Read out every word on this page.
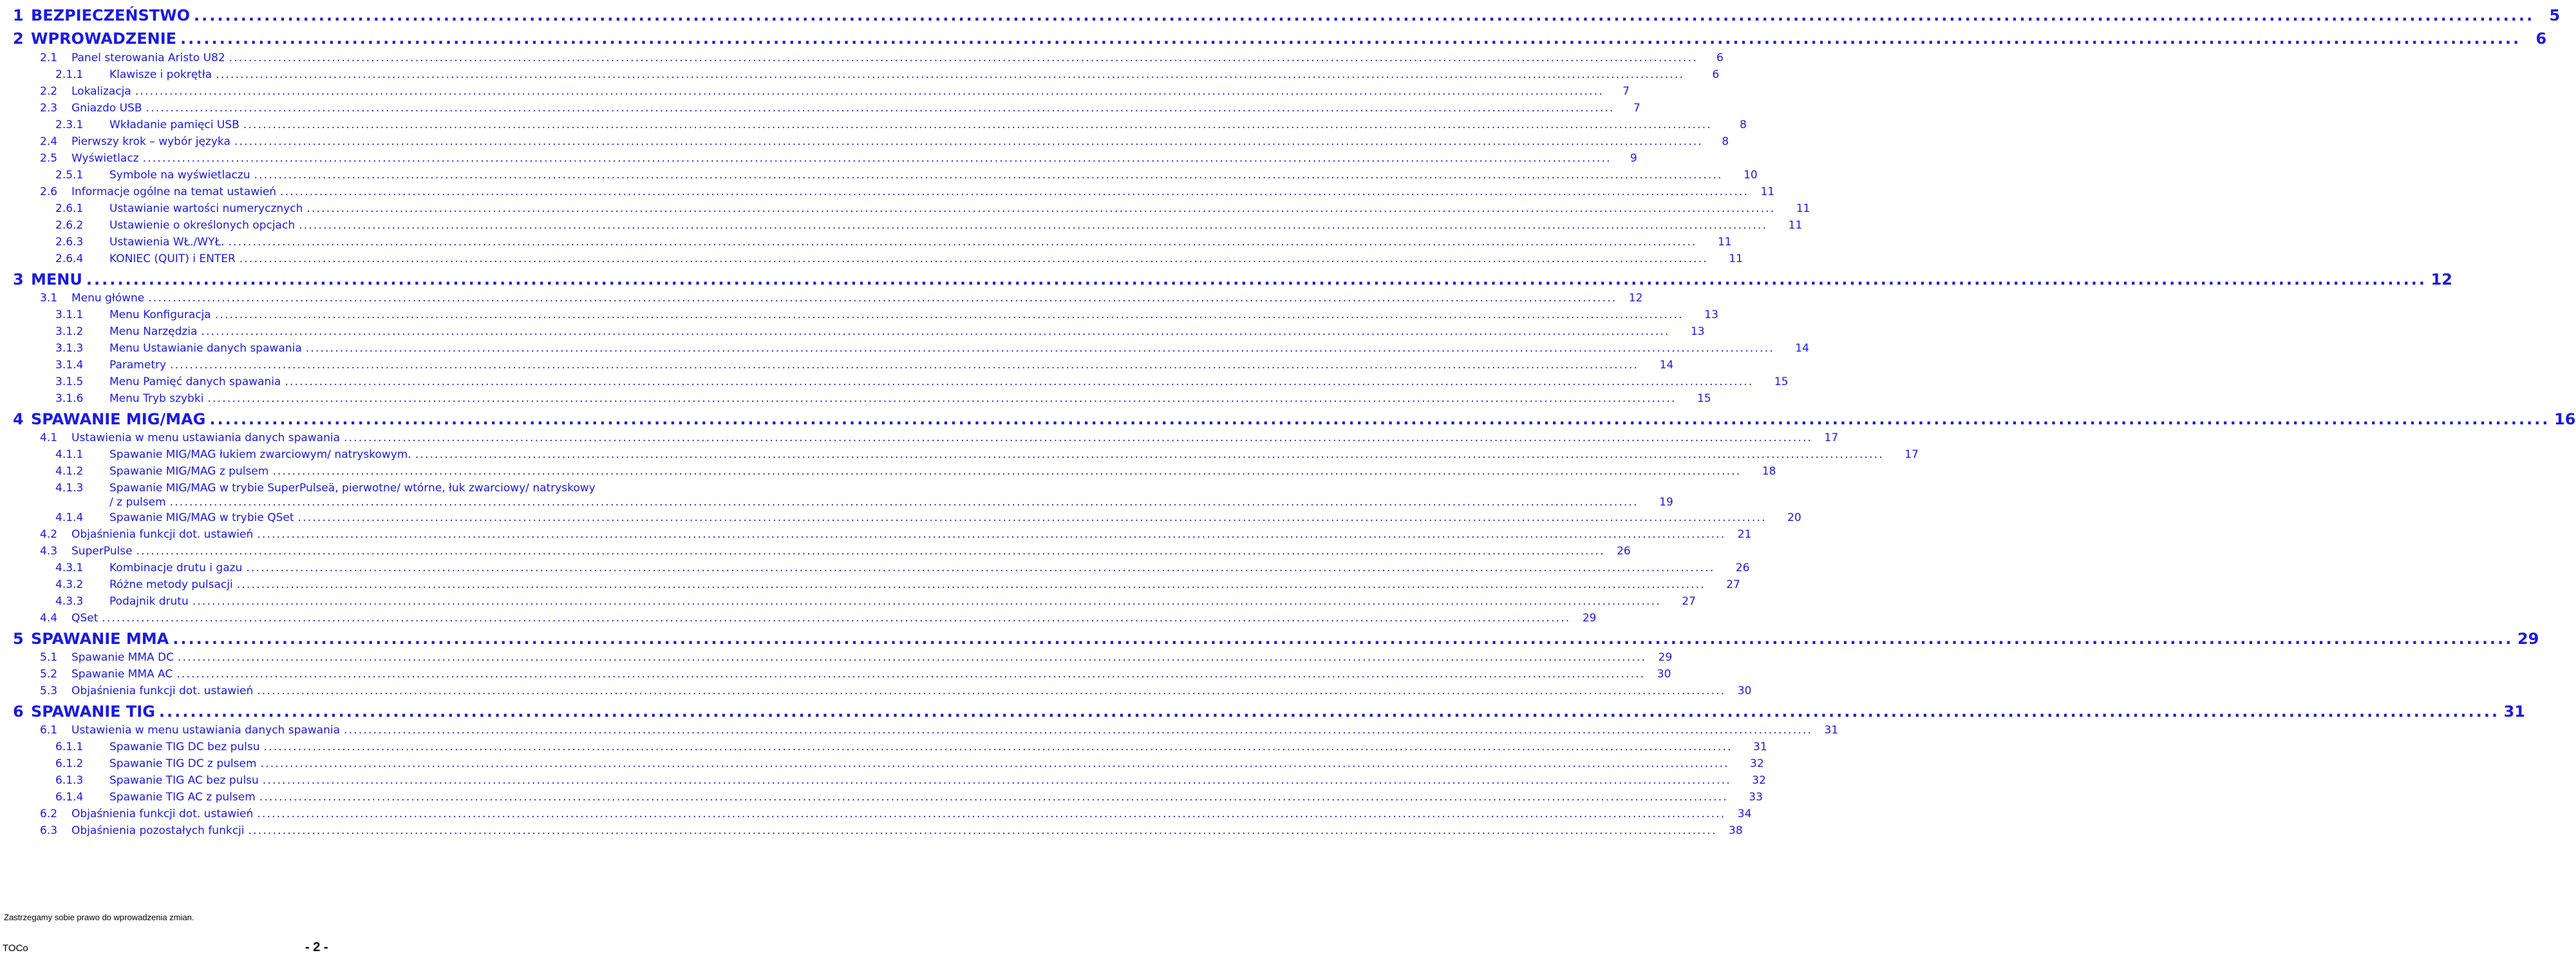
1 BEZPIECZEŃSTWO ............................................................................................................................................................................................................................................................................................................ 5
2 WPROWADZENIE ............................................................................................................................................................................................................................................................................................................ 6
2.1	Panel sterowania Aristo U82 ............................................................................................................................................................................................................................................................................................................	6
2.1.1	Klawisze i pokrętła ............................................................................................................................................................................................................................................................................................................	6
2.2	Lokalizacja ............................................................................................................................................................................................................................................................................................................	7
2.3	Gniazdo USB ............................................................................................................................................................................................................................................................................................................	7
2.3.1	Wkładanie pamięci USB ............................................................................................................................................................................................................................................................................................................	8
2.4	Pierwszy krok – wybór języka ............................................................................................................................................................................................................................................................................................................	8
2.5	Wyświetlacz ............................................................................................................................................................................................................................................................................................................	9
2.5.1	Symbole na wyświetlaczu ............................................................................................................................................................................................................................................................................................................	10
2.6	Informacje ogólne na temat ustawień ............................................................................................................................................................................................................................................................................................................	11
2.6.1	Ustawianie wartości numerycznych ............................................................................................................................................................................................................................................................................................................	11
2.6.2	Ustawienie o określonych opcjach ............................................................................................................................................................................................................................................................................................................	11
2.6.3	Ustawienia WŁ./WYŁ. ............................................................................................................................................................................................................................................................................................................	11
2.6.4	KONIEC (QUIT) i ENTER ............................................................................................................................................................................................................................................................................................................	11
3 MENU ............................................................................................................................................................................................................................................................................................................ 12
3.1	Menu główne ............................................................................................................................................................................................................................................................................................................	12
3.1.1	Menu Konfiguracja ............................................................................................................................................................................................................................................................................................................	13
3.1.2	Menu Narzędzia ............................................................................................................................................................................................................................................................................................................	13
3.1.3	Menu Ustawianie danych spawania ............................................................................................................................................................................................................................................................................................................	14
3.1.4	Parametry ............................................................................................................................................................................................................................................................................................................	14
3.1.5	Menu Pamięć danych spawania ............................................................................................................................................................................................................................................................................................................	15
3.1.6	Menu Tryb szybki ............................................................................................................................................................................................................................................................................................................	15
4 SPAWANIE MIG/MAG ............................................................................................................................................................................................................................................................................................................ 16
4.1	Ustawienia w menu ustawiania danych spawania ............................................................................................................................................................................................................................................................................................................	17
4.1.1	Spawanie MIG/MAG łukiem zwarciowym/ natryskowym. ............................................................................................................................................................................................................................................................................................................	17
4.1.2	Spawanie MIG/MAG z pulsem ............................................................................................................................................................................................................................................................................................................	18
4.1.3	Spawanie MIG/MAG w trybie SuperPulseä, pierwotne/ wtórne, łuk zwarciowy/ natryskowy
/ z pulsem ............................................................................................................................................................................................................................................................................................................	19
4.1.4	Spawanie MIG/MAG w trybie QSet ............................................................................................................................................................................................................................................................................................................	20
4.2	Objaśnienia funkcji dot. ustawień ............................................................................................................................................................................................................................................................................................................	21
4.3	SuperPulse ............................................................................................................................................................................................................................................................................................................	26
4.3.1	Kombinacje drutu i gazu ............................................................................................................................................................................................................................................................................................................	26
4.3.2	Różne metody pulsacji ............................................................................................................................................................................................................................................................................................................	27
4.3.3	Podajnik drutu ............................................................................................................................................................................................................................................................................................................	27
4.4	QSet ............................................................................................................................................................................................................................................................................................................	29
5 SPAWANIE MMA ............................................................................................................................................................................................................................................................................................................ 29
5.1	Spawanie MMA DC ............................................................................................................................................................................................................................................................................................................	29
5.2	Spawanie MMA AC ............................................................................................................................................................................................................................................................................................................	30
5.3	Objaśnienia funkcji dot. ustawień ............................................................................................................................................................................................................................................................................................................	30
6 SPAWANIE TIG ............................................................................................................................................................................................................................................................................................................ 31
6.1	Ustawienia w menu ustawiania danych spawania ............................................................................................................................................................................................................................................................................................................	31
6.1.1	Spawanie TIG DC bez pulsu ............................................................................................................................................................................................................................................................................................................	31
6.1.2	Spawanie TIG DC z pulsem ............................................................................................................................................................................................................................................................................................................	32
6.1.3	Spawanie TIG AC bez pulsu ............................................................................................................................................................................................................................................................................................................	32
6.1.4	Spawanie TIG AC z pulsem ............................................................................................................................................................................................................................................................................................................	33
6.2	Objaśnienia funkcji dot. ustawień ............................................................................................................................................................................................................................................................................................................	34
6.3	Objaśnienia pozostałych funkcji ............................................................................................................................................................................................................................................................................................................	38
Zastrzegamy sobie prawo do wprowadzenia zmian.
TOCo	- 2 -
